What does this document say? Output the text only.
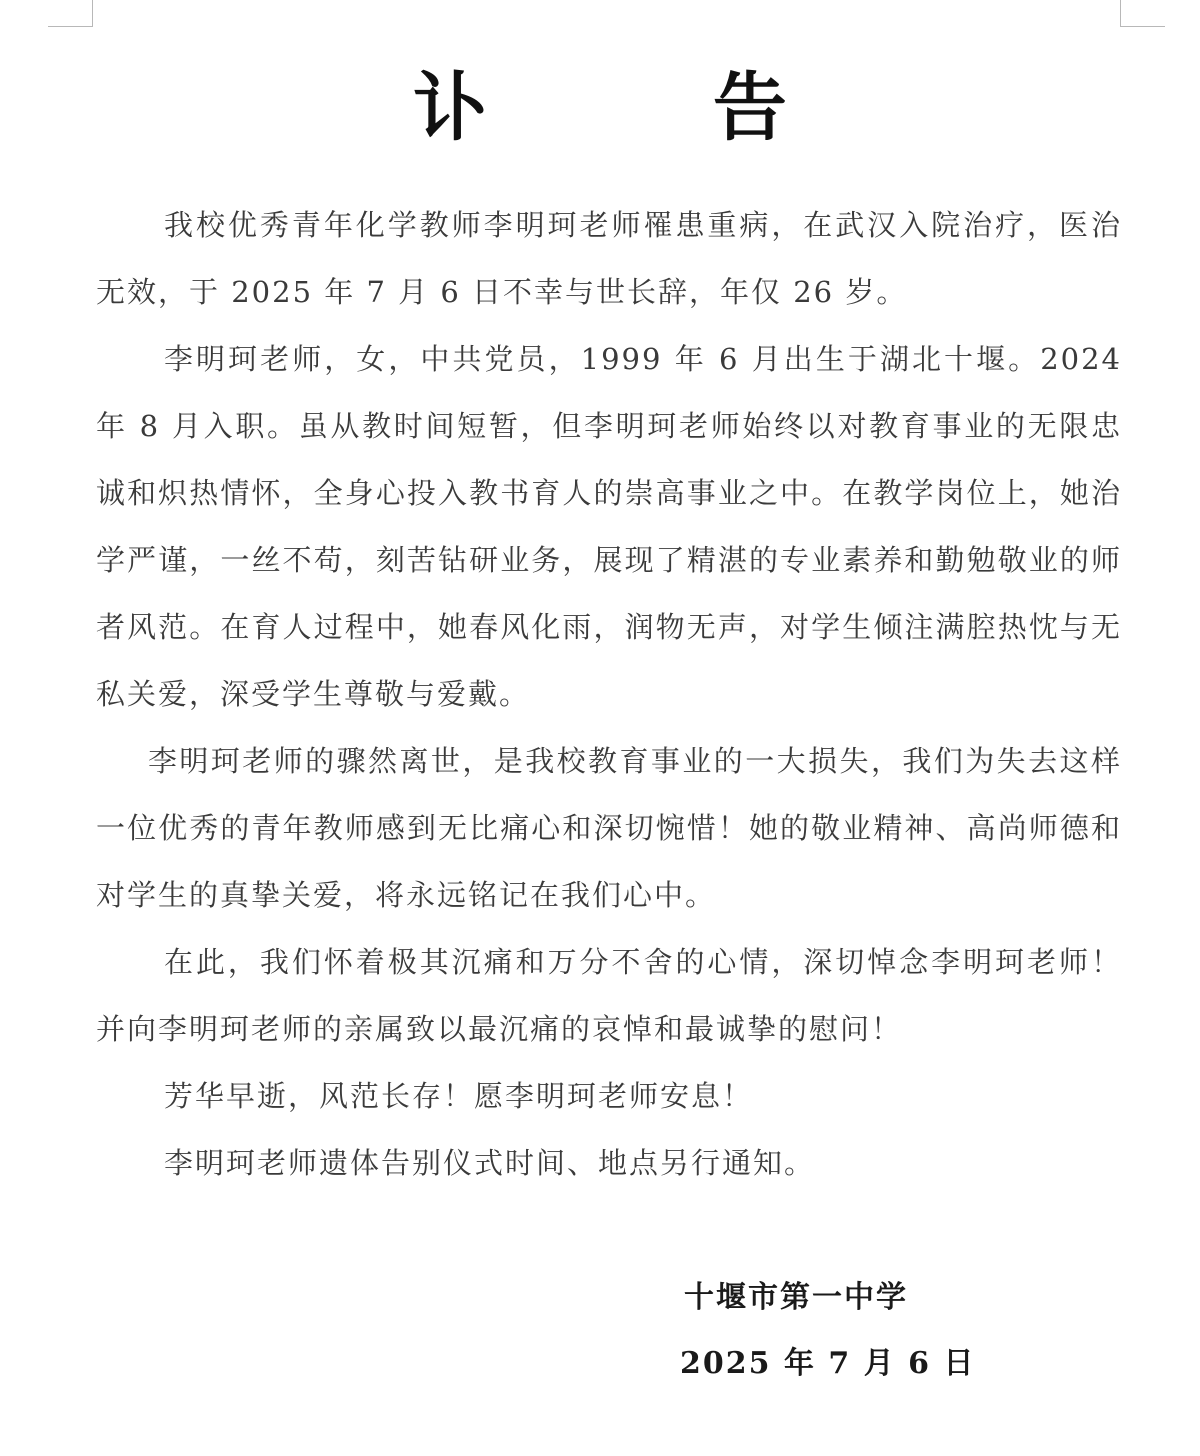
讣 告

我校优秀青年化学教师李明珂老师罹患重病，在武汉入院治疗，医治无效，于 2025 年 7 月 6 日不幸与世长辞，年仅 26 岁。

李明珂老师，女，中共党员，1999 年 6 月出生于湖北十堰。2024 年 8 月入职。虽从教时间短暂，但李明珂老师始终以对教育事业的无限忠诚和炽热情怀，全身心投入教书育人的崇高事业之中。在教学岗位上，她治学严谨，一丝不苟，刻苦钻研业务，展现了精湛的专业素养和勤勉敬业的师者风范。在育人过程中，她春风化雨，润物无声，对学生倾注满腔热忱与无私关爱，深受学生尊敬与爱戴。

李明珂老师的骤然离世，是我校教育事业的一大损失，我们为失去这样一位优秀的青年教师感到无比痛心和深切惋惜！她的敬业精神、高尚师德和对学生的真挚关爱，将永远铭记在我们心中。

在此，我们怀着极其沉痛和万分不舍的心情，深切悼念李明珂老师！ 并向李明珂老师的亲属致以最沉痛的哀悼和最诚挚的慰问！

芳华早逝，风范长存！愿李明珂老师安息！

李明珂老师遗体告别仪式时间、地点另行通知。

十堰市第一中学
2025 年 7 月 6 日
